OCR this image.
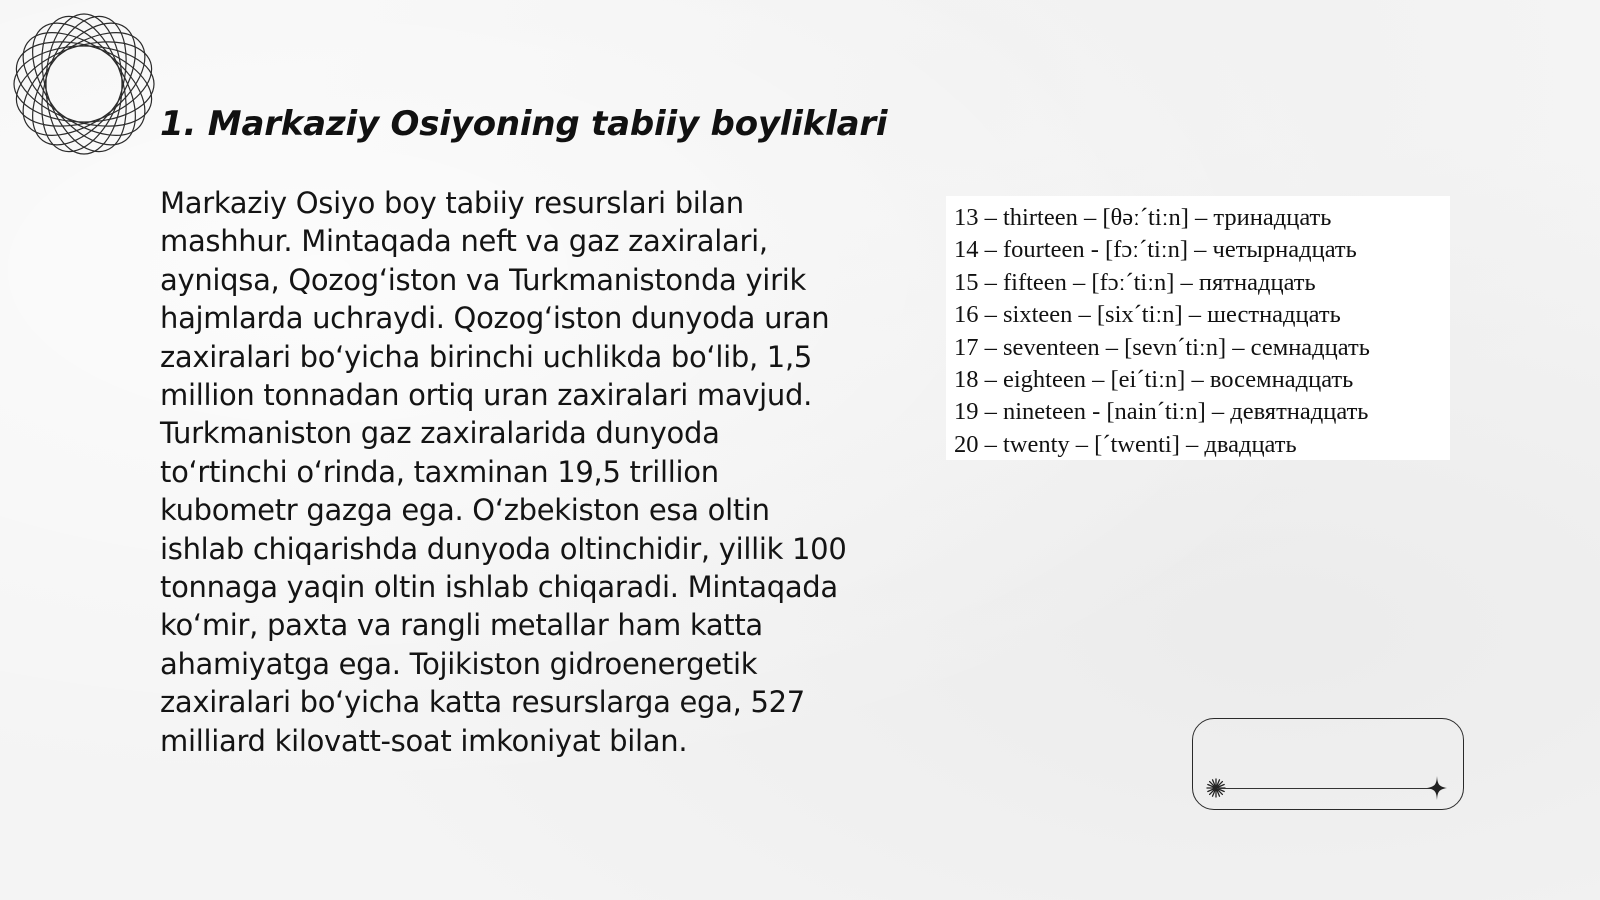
1. Markaziy Osiyoning tabiiy boyliklari

Markaziy Osiyo boy tabiiy resurslari bilan mashhur. Mintaqada neft va gaz zaxiralari, ayniqsa, Qozog‘iston va Turkmanistonda yirik hajmlarda uchraydi. Qozog‘iston dunyoda uran zaxiralari bo‘yicha birinchi uchlikda bo‘lib, 1,5 million tonnadan ortiq uran zaxiralari mavjud. Turkmaniston gaz zaxiralarida dunyoda to‘rtinchi o‘rinda, taxminan 19,5 trillion kubometr gazga ega. O‘zbekiston esa oltin ishlab chiqarishda dunyoda oltinchidir, yillik 100 tonnaga yaqin oltin ishlab chiqaradi. Mintaqada ko‘mir, paxta va rangli metallar ham katta ahamiyatga ega. Tojikiston gidroenergetik zaxiralari bo‘yicha katta resurslarga ega, 527 milliard kilovatt-soat imkoniyat bilan.

13 – thirteen – [θəːˊtiːn] – тринадцать
14 – fourteen - [fɔːˊtiːn] – четырнадцать
15 – fifteen – [fɔːˊtiːn] – пятнадцать
16 – sixteen – [sixˊtiːn] – шестнадцать
17 – seventeen – [sevnˊtiːn] – семнадцать
18 – eighteen – [eiˊtiːn] – восемнадцать
19 – nineteen - [nainˊtiːn] – девятнадцать
20 – twenty – [ˊtwenti] – двадцать
